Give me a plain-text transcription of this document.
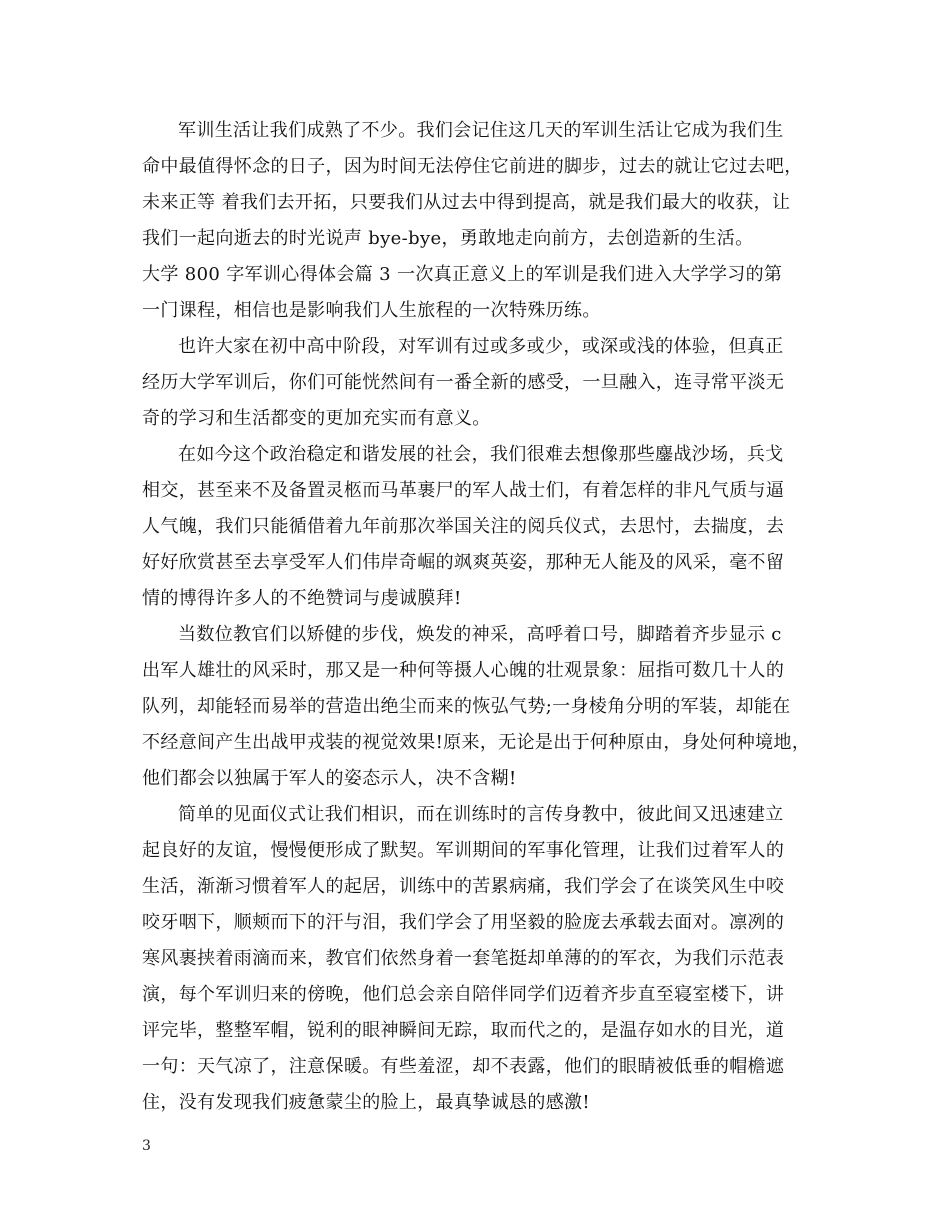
军训生活让我们成熟了不少。我们会记住这几天的军训生活让它成为我们生
命中最值得怀念的日子，因为时间无法停住它前进的脚步，过去的就让它过去吧，
未来正等 着我们去开拓，只要我们从过去中得到提高，就是我们最大的收获，让
我们一起向逝去的时光说声 bye-bye，勇敢地走向前方，去创造新的生活。
大学 800 字军训心得体会篇 3 一次真正意义上的军训是我们进入大学学习的第
一门课程，相信也是影响我们人生旅程的一次特殊历练。
也许大家在初中高中阶段，对军训有过或多或少，或深或浅的体验，但真正
经历大学军训后，你们可能恍然间有一番全新的感受，一旦融入，连寻常平淡无
奇的学习和生活都变的更加充实而有意义。
在如今这个政治稳定和谐发展的社会，我们很难去想像那些鏖战沙场，兵戈
相交，甚至来不及备置灵柩而马革裹尸的军人战士们，有着怎样的非凡气质与逼
人气魄，我们只能循借着九年前那次举国关注的阅兵仪式，去思忖，去揣度，去
好好欣赏甚至去享受军人们伟岸奇崛的飒爽英姿，那种无人能及的风采，毫不留
情的博得许多人的不绝赞词与虔诚膜拜!
当数位教官们以矫健的步伐，焕发的神采，高呼着口号，脚踏着齐步显示 c
出军人雄壮的风采时，那又是一种何等摄人心魄的壮观景象：屈指可数几十人的
队列，却能轻而易举的营造出绝尘而来的恢弘气势;一身棱角分明的军装，却能在
不经意间产生出战甲戎装的视觉效果!原来，无论是出于何种原由，身处何种境地，
他们都会以独属于军人的姿态示人，决不含糊!
简单的见面仪式让我们相识，而在训练时的言传身教中，彼此间又迅速建立
起良好的友谊，慢慢便形成了默契。军训期间的军事化管理，让我们过着军人的
生活，渐渐习惯着军人的起居，训练中的苦累病痛，我们学会了在谈笑风生中咬
咬牙咽下，顺颊而下的汗与泪，我们学会了用坚毅的脸庞去承载去面对。凛冽的
寒风裹挟着雨滴而来，教官们依然身着一套笔挺却单薄的的军衣，为我们示范表
演，每个军训归来的傍晚，他们总会亲自陪伴同学们迈着齐步直至寝室楼下，讲
评完毕，整整军帽，锐利的眼神瞬间无踪，取而代之的，是温存如水的目光，道
一句：天气凉了，注意保暖。有些羞涩，却不表露，他们的眼睛被低垂的帽檐遮
住，没有发现我们疲惫蒙尘的脸上，最真挚诚恳的感激!
3
